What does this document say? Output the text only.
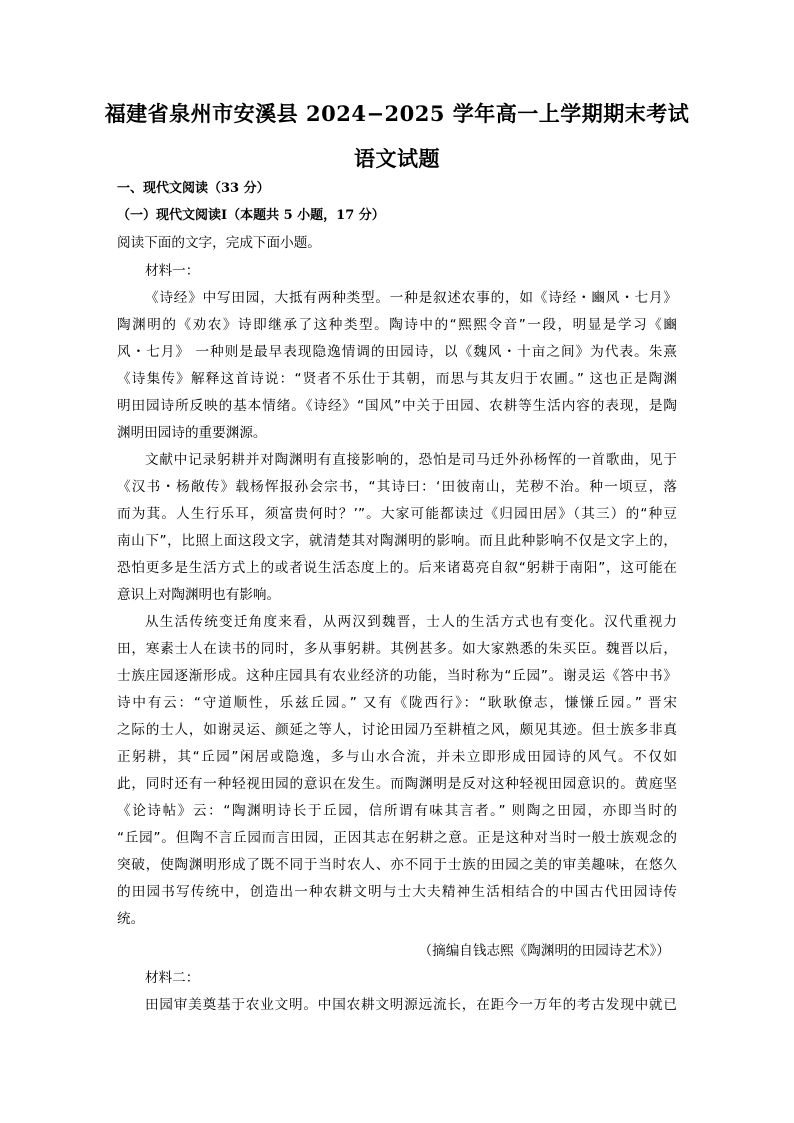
福建省泉州市安溪县 2024−2025 学年高一上学期期末考试
语文试题
一、现代文阅读（33 分）
（一）现代文阅读Ⅰ（本题共 5 小题，17 分）
阅读下面的文字，完成下面小题。
材料一：
《诗经》中写田园，大抵有两种类型。一种是叙述农事的，如《诗经・豳风・七月》
陶渊明的《劝农》诗即继承了这种类型。陶诗中的“熙熙令音”一段，明显是学习《豳
风・七月》 一种则是最早表现隐逸情调的田园诗，以《魏风・十亩之间》为代表。朱熹
《诗集传》解释这首诗说：“贤者不乐仕于其朝，而思与其友归于农圃。” 这也正是陶渊
明田园诗所反映的基本情绪。《诗经》“国风”中关于田园、农耕等生活内容的表现，是陶
渊明田园诗的重要渊源。
文献中记录躬耕并对陶渊明有直接影响的，恐怕是司马迁外孙杨恽的一首歌曲，见于
《汉书・杨敞传》载杨恽报孙会宗书，“其诗曰：‘田彼南山，芜秽不治。种一顷豆，落
而为萁。人生行乐耳，须富贵何时？’”。大家可能都读过《归园田居》（其三）的“种豆
南山下”，比照上面这段文字，就清楚其对陶渊明的影响。而且此种影响不仅是文字上的，
恐怕更多是生活方式上的或者说生活态度上的。后来诸葛亮自叙“躬耕于南阳”，这可能在
意识上对陶渊明也有影响。
从生活传统变迁角度来看，从两汉到魏晋，士人的生活方式也有变化。汉代重视力
田，寒素士人在读书的同时，多从事躬耕。其例甚多。如大家熟悉的朱买臣。魏晋以后，
士族庄园逐渐形成。这种庄园具有农业经济的功能，当时称为“丘园”。谢灵运《答中书》
诗中有云：“守道顺性，乐兹丘园。” 又有《陇西行》：“耿耿僚志，慊慊丘园。” 晋宋
之际的士人，如谢灵运、颜延之等人，讨论田园乃至耕植之风，颇见其迹。但士族多非真
正躬耕，其“丘园”闲居或隐逸，多与山水合流，并未立即形成田园诗的风气。不仅如
此，同时还有一种轻视田园的意识在发生。而陶渊明是反对这种轻视田园意识的。黄庭坚
《论诗帖》云：“陶渊明诗长于丘园，信所谓有味其言者。” 则陶之田园，亦即当时的
“丘园”。但陶不言丘园而言田园，正因其志在躬耕之意。正是这种对当时一般士族观念的
突破，使陶渊明形成了既不同于当时农人、亦不同于士族的田园之美的审美趣味，在悠久
的田园书写传统中，创造出一种农耕文明与士大夫精神生活相结合的中国古代田园诗传
统。
（摘编自钱志熙《陶渊明的田园诗艺术》）
材料二：
田园审美奠基于农业文明。中国农耕文明源远流长，在距今一万年的考古发现中就已
